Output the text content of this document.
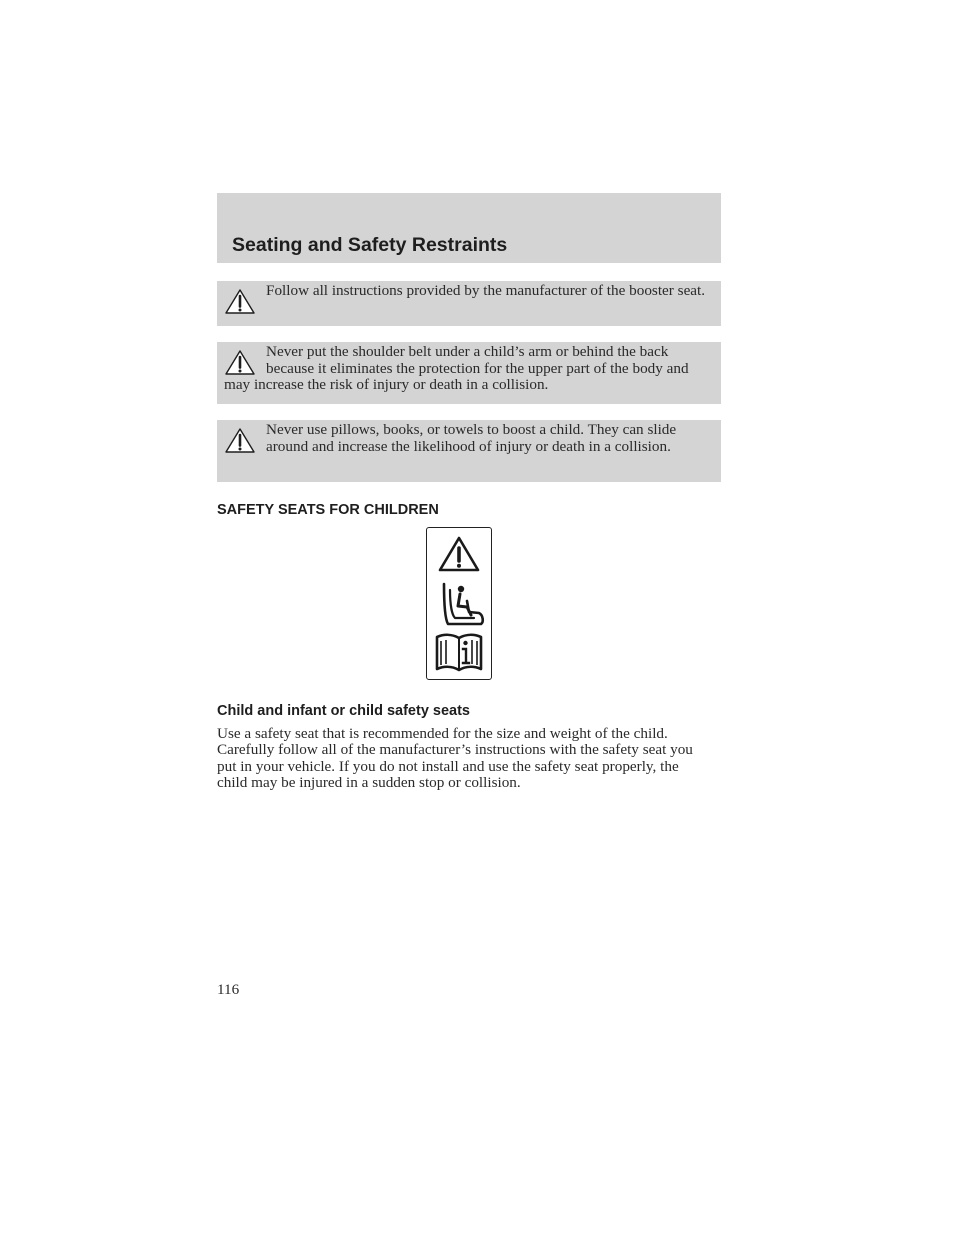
Seating and Safety Restraints

Follow all instructions provided by the manufacturer of the booster seat.

Never put the shoulder belt under a child’s arm or behind the back because it eliminates the protection for the upper part of the body and may increase the risk of injury or death in a collision.

Never use pillows, books, or towels to boost a child. They can slide around and increase the likelihood of injury or death in a collision.

SAFETY SEATS FOR CHILDREN
Child and infant or child safety seats

Use a safety seat that is recommended for the size and weight of the child. Carefully follow all of the manufacturer’s instructions with the safety seat you put in your vehicle. If you do not install and use the safety seat properly, the child may be injured in a sudden stop or collision.

116
